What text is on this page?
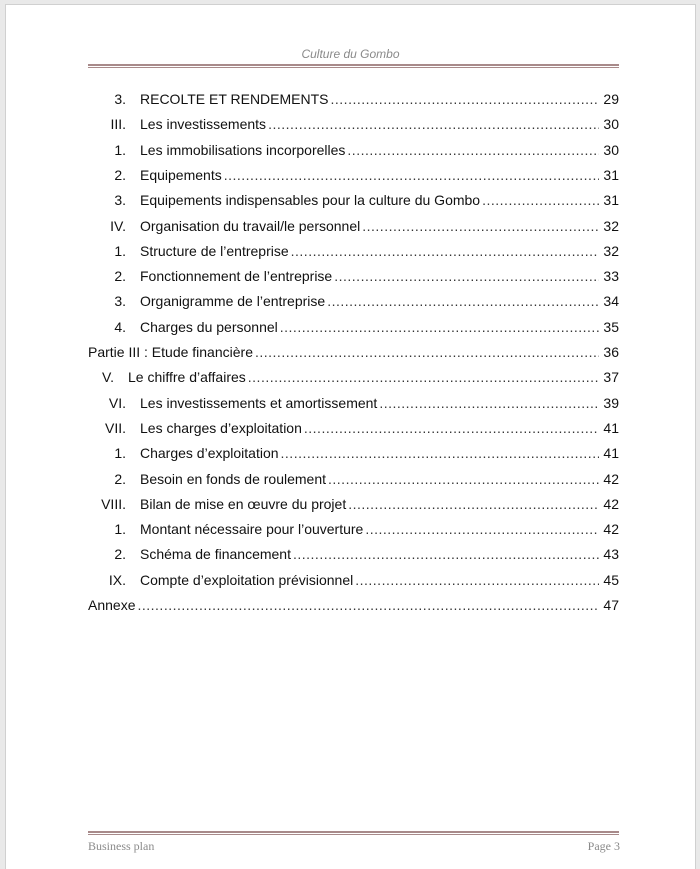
Culture du Gombo
3. RECOLTE ET RENDEMENTS .....	29
III. Les investissements .....	30
1. Les immobilisations incorporelles .....	30
2. Equipements .....	31
3. Equipements indispensables pour la culture du Gombo .....	31
IV. Organisation du travail/le personnel .....	32
1. Structure de l’entreprise .....	32
2. Fonctionnement de l’entreprise .....	33
3. Organigramme de l’entreprise .....	34
4. Charges du personnel .....	35
Partie III : Etude financière .....	36
V. Le chiffre d’affaires .....	37
VI. Les investissements et amortissement .....	39
VII. Les charges d’exploitation .....	41
1. Charges d’exploitation .....	41
2. Besoin en fonds de roulement .....	42
VIII. Bilan de mise en œuvre du projet .....	42
1. Montant nécessaire pour l’ouverture .....	42
2. Schéma de financement .....	43
IX. Compte d’exploitation prévisionnel .....	45
Annexe .....	47
Business plan	Page 3
